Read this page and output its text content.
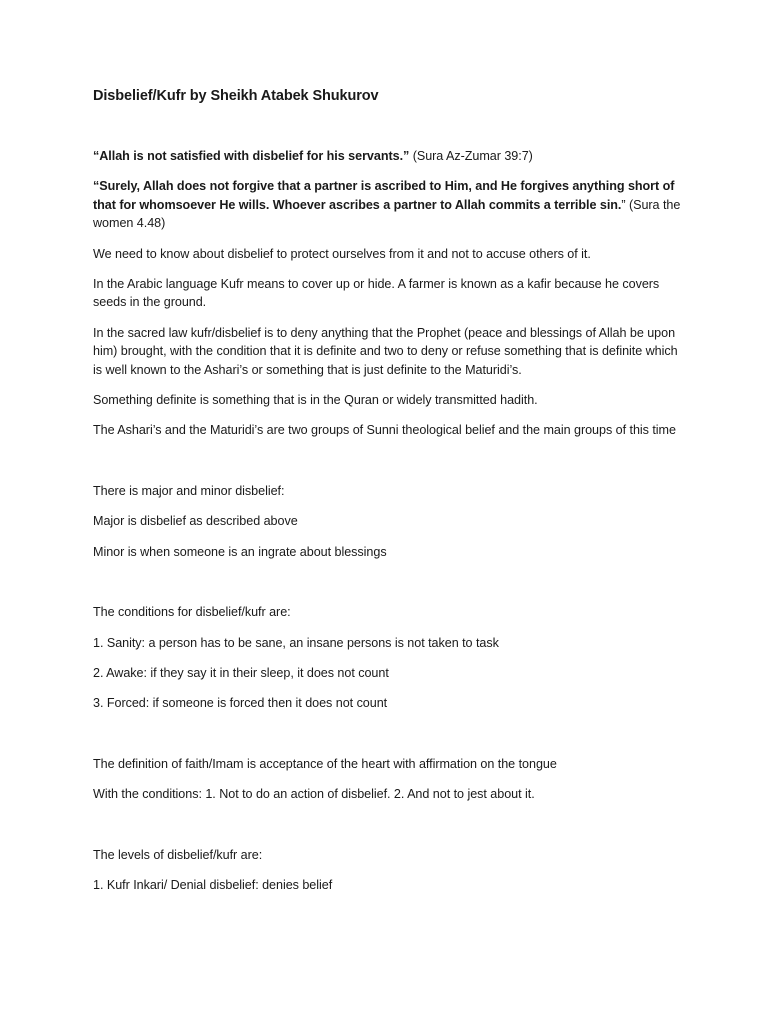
Disbelief/Kufr by Sheikh Atabek Shukurov

“Allah is not satisfied with disbelief for his servants.” (Sura Az-Zumar 39:7)

“Surely, Allah does not forgive that a partner is ascribed to Him, and He forgives anything short of that for whomsoever He wills. Whoever ascribes a partner to Allah commits a terrible sin.” (Sura the women 4.48)

We need to know about disbelief to protect ourselves from it and not to accuse others of it.

In the Arabic language Kufr means to cover up or hide. A farmer is known as a kafir because he covers seeds in the ground.

In the sacred law kufr/disbelief is to deny anything that the Prophet (peace and blessings of Allah be upon him) brought, with the condition that it is definite and two to deny or refuse something that is definite which is well known to the Ashari’s or something that is just definite to the Maturidi’s.

Something definite is something that is in the Quran or widely transmitted hadith.

The Ashari’s and the Maturidi’s are two groups of Sunni theological belief and the main groups of this time

There is major and minor disbelief:

Major is disbelief as described above

Minor is when someone is an ingrate about blessings

The conditions for disbelief/kufr are:

1. Sanity: a person has to be sane, an insane persons is not taken to task

2. Awake: if they say it in their sleep, it does not count

3. Forced: if someone is forced then it does not count

The definition of faith/Imam is acceptance of the heart with affirmation on the tongue

With the conditions: 1. Not to do an action of disbelief. 2. And not to jest about it.

The levels of disbelief/kufr are:

1. Kufr Inkari/ Denial disbelief: denies belief
